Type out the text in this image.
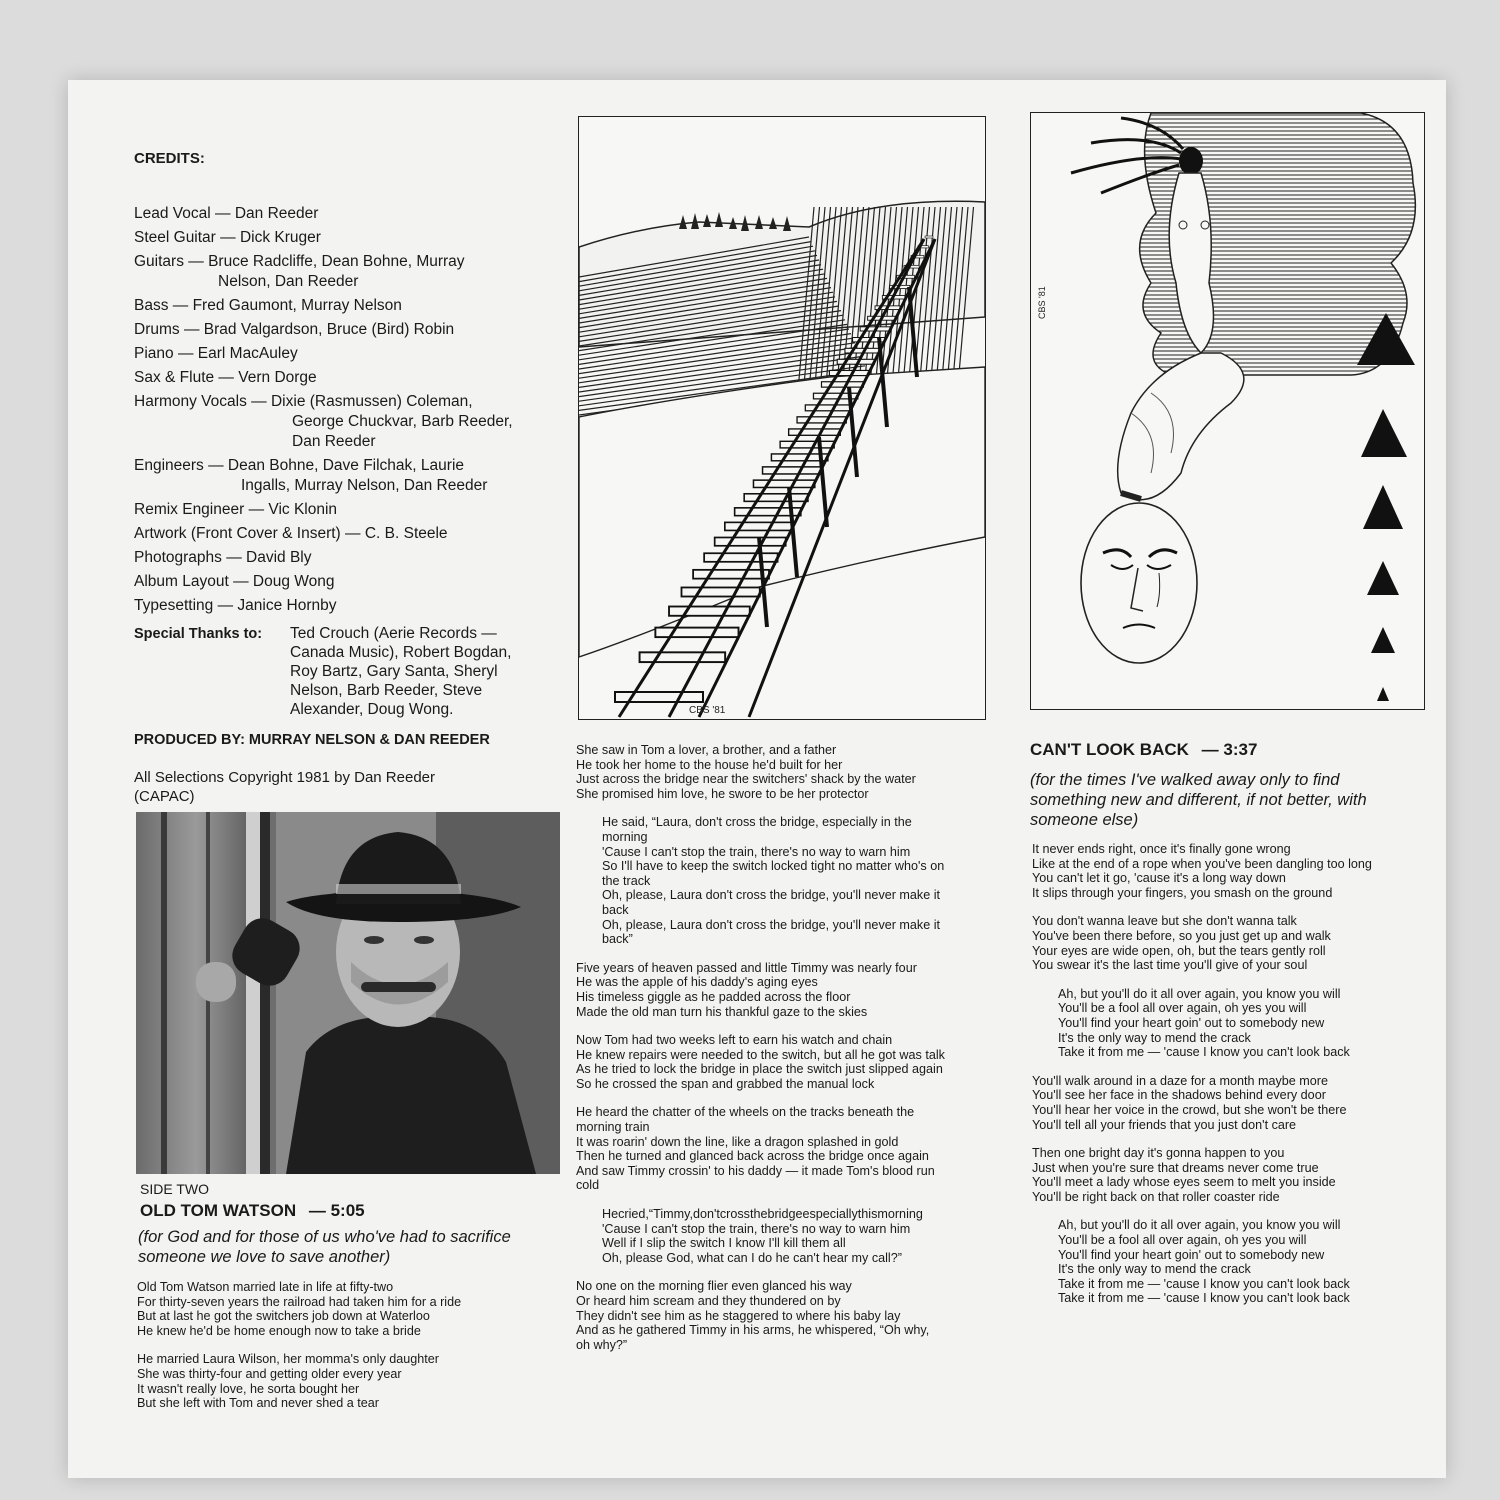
CREDITS:
Lead Vocal — Dan Reeder
Steel Guitar — Dick Kruger
Guitars — Bruce Radcliffe, Dean Bohne, Murray
Nelson, Dan Reeder
Bass — Fred Gaumont, Murray Nelson
Drums — Brad Valgardson, Bruce (Bird) Robin
Piano — Earl MacAuley
Sax & Flute — Vern Dorge
Harmony Vocals — Dixie (Rasmussen) Coleman,
George Chuckvar, Barb Reeder,
Dan Reeder
Engineers — Dean Bohne, Dave Filchak, Laurie
Ingalls, Murray Nelson, Dan Reeder
Remix Engineer — Vic Klonin
Artwork (Front Cover & Insert) — C. B. Steele
Photographs — David Bly
Album Layout — Doug Wong
Typesetting — Janice Hornby
Special Thanks to:	Ted Crouch (Aerie Records —
Canada Music), Robert Bogdan,
Roy Bartz, Gary Santa, Sheryl
Nelson, Barb Reeder, Steve
Alexander, Doug Wong.
PRODUCED BY: MURRAY NELSON & DAN REEDER
All Selections Copyright 1981 by Dan Reeder
(CAPAC)
SIDE TWO
OLD TOM WATSON — 5:05
(for God and for those of us who've had to sacrifice
someone we love to save another)
Old Tom Watson married late in life at fifty-two
For thirty-seven years the railroad had taken him for a ride
But at last he got the switchers job down at Waterloo
He knew he'd be home enough now to take a bride
He married Laura Wilson, her momma's only daughter
She was thirty-four and getting older every year
It wasn't really love, he sorta bought her
But she left with Tom and never shed a tear
CBS '81
CBS '81
She saw in Tom a lover, a brother, and a father
He took her home to the house he'd built for her
Just across the bridge near the switchers' shack by the water
She promised him love, he swore to be her protector
He said, “Laura, don't cross the bridge, especially in the
morning
'Cause I can't stop the train, there's no way to warn him
So I'll have to keep the switch locked tight no matter who's on
the track
Oh, please, Laura don't cross the bridge, you'll never make it
back
Oh, please, Laura don't cross the bridge, you'll never make it
back”
Five years of heaven passed and little Timmy was nearly four
He was the apple of his daddy's aging eyes
His timeless giggle as he padded across the floor
Made the old man turn his thankful gaze to the skies
Now Tom had two weeks left to earn his watch and chain
He knew repairs were needed to the switch, but all he got was talk
As he tried to lock the bridge in place the switch just slipped again
So he crossed the span and grabbed the manual lock
He heard the chatter of the wheels on the tracks beneath the
morning train
It was roarin' down the line, like a dragon splashed in gold
Then he turned and glanced back across the bridge once again
And saw Timmy crossin' to his daddy — it made Tom's blood run
cold
Hecried,“Timmy,don'tcrossthebridgeespeciallythismorning
'Cause I can't stop the train, there's no way to warn him
Well if I slip the switch I know I'll kill them all
Oh, please God, what can I do he can't hear my call?”
No one on the morning flier even glanced his way
Or heard him scream and they thundered on by
They didn't see him as he staggered to where his baby lay
And as he gathered Timmy in his arms, he whispered, “Oh why,
oh why?”
CAN'T LOOK BACK — 3:37
(for the times I've walked away only to find
something new and different, if not better, with
someone else)
It never ends right, once it's finally gone wrong
Like at the end of a rope when you've been dangling too long
You can't let it go, 'cause it's a long way down
It slips through your fingers, you smash on the ground
You don't wanna leave but she don't wanna talk
You've been there before, so you just get up and walk
Your eyes are wide open, oh, but the tears gently roll
You swear it's the last time you'll give of your soul
Ah, but you'll do it all over again, you know you will
You'll be a fool all over again, oh yes you will
You'll find your heart goin' out to somebody new
It's the only way to mend the crack
Take it from me — 'cause I know you can't look back
You'll walk around in a daze for a month maybe more
You'll see her face in the shadows behind every door
You'll hear her voice in the crowd, but she won't be there
You'll tell all your friends that you just don't care
Then one bright day it's gonna happen to you
Just when you're sure that dreams never come true
You'll meet a lady whose eyes seem to melt you inside
You'll be right back on that roller coaster ride
Ah, but you'll do it all over again, you know you will
You'll be a fool all over again, oh yes you will
You'll find your heart goin' out to somebody new
It's the only way to mend the crack
Take it from me — 'cause I know you can't look back
Take it from me — 'cause I know you can't look back
